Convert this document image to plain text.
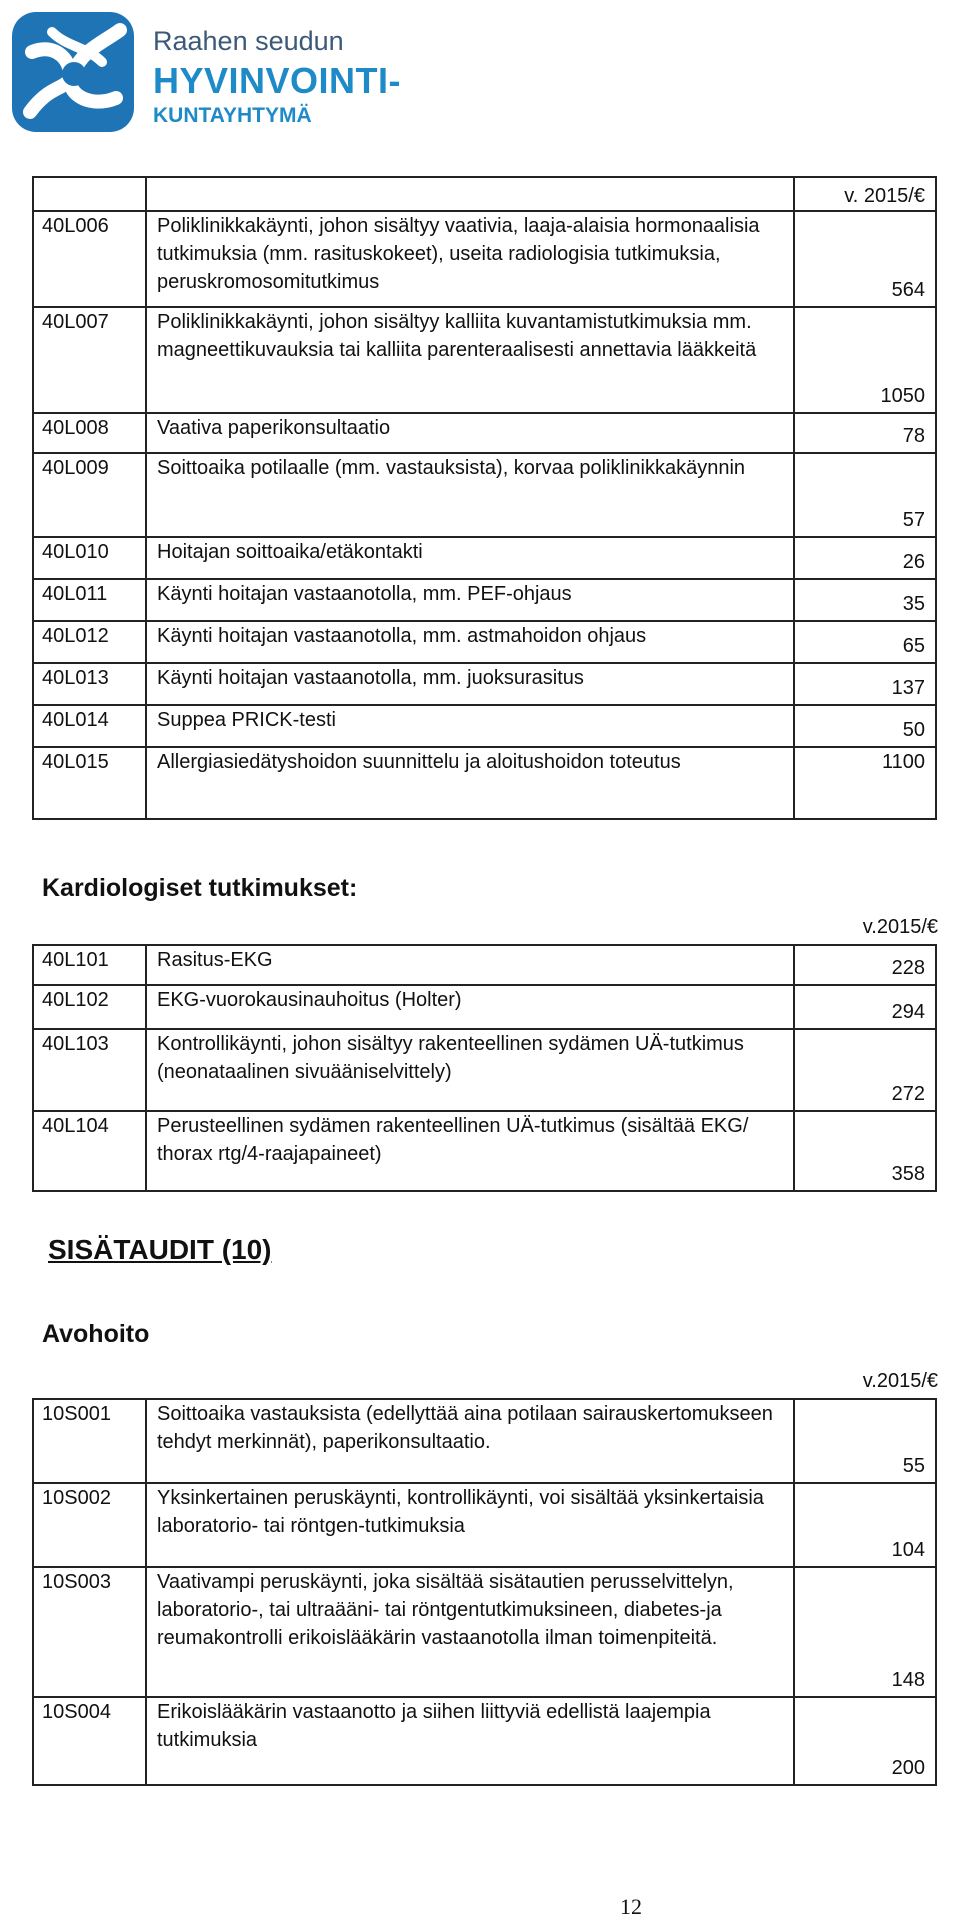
Raahen seudun
HYVINVOINTI-
KUNTAYHTYMÄ

		v. 2015/€

40L006	Poliklinikkakäynti, johon sisältyy vaativia, laaja-alaisia hormonaalisia tutkimuksia (mm. rasituskokeet), useita radiologisia tutkimuksia, peruskromosomitutkimus	564

40L007	Poliklinikkakäynti, johon sisältyy kalliita kuvantamistutkimuksia mm. magneettikuvauksia tai kalliita parenteraalisesti annettavia lääkkeitä	1050

40L008	Vaativa paperikonsultaatio	78

40L009	Soittoaika potilaalle (mm. vastauksista), korvaa poliklinikkakäynnin	57

40L010	Hoitajan soittoaika/etäkontakti	26

40L011	Käynti hoitajan vastaanotolla, mm. PEF-ohjaus	35

40L012	Käynti hoitajan vastaanotolla, mm. astmahoidon ohjaus	65

40L013	Käynti hoitajan vastaanotolla, mm. juoksurasitus	137

40L014	Suppea PRICK-testi	50

40L015	Allergiasiedätyshoidon suunnittelu ja aloitushoidon toteutus	1100
Kardiologiset tutkimukset:
v.2015/€
40L101	Rasitus-EKG	228

40L102	EKG-vuorokausinauhoitus (Holter)	294

40L103	Kontrollikäynti, johon sisältyy rakenteellinen sydämen UÄ-tutkimus (neonataalinen sivuääniselvittely)	272

40L104	Perusteellinen sydämen rakenteellinen UÄ-tutkimus (sisältää EKG/ thorax rtg/4-raajapaineet)	358
SISÄTAUDIT (10)
Avohoito
v.2015/€
10S001	Soittoaika vastauksista (edellyttää aina potilaan sairauskertomukseen tehdyt merkinnät), paperikonsultaatio.	55

10S002	Yksinkertainen peruskäynti, kontrollikäynti, voi sisältää yksinkertaisia laboratorio- tai röntgen-tutkimuksia	104

10S003	Vaativampi peruskäynti, joka sisältää sisätautien perusselvittelyn, laboratorio-, tai ultraääni- tai röntgentutkimuksineen, diabetes-ja reumakontrolli erikoislääkärin vastaanotolla ilman toimenpiteitä.	148

10S004	Erikoislääkärin vastaanotto ja siihen liittyviä edellistä laajempia tutkimuksia	200
12
